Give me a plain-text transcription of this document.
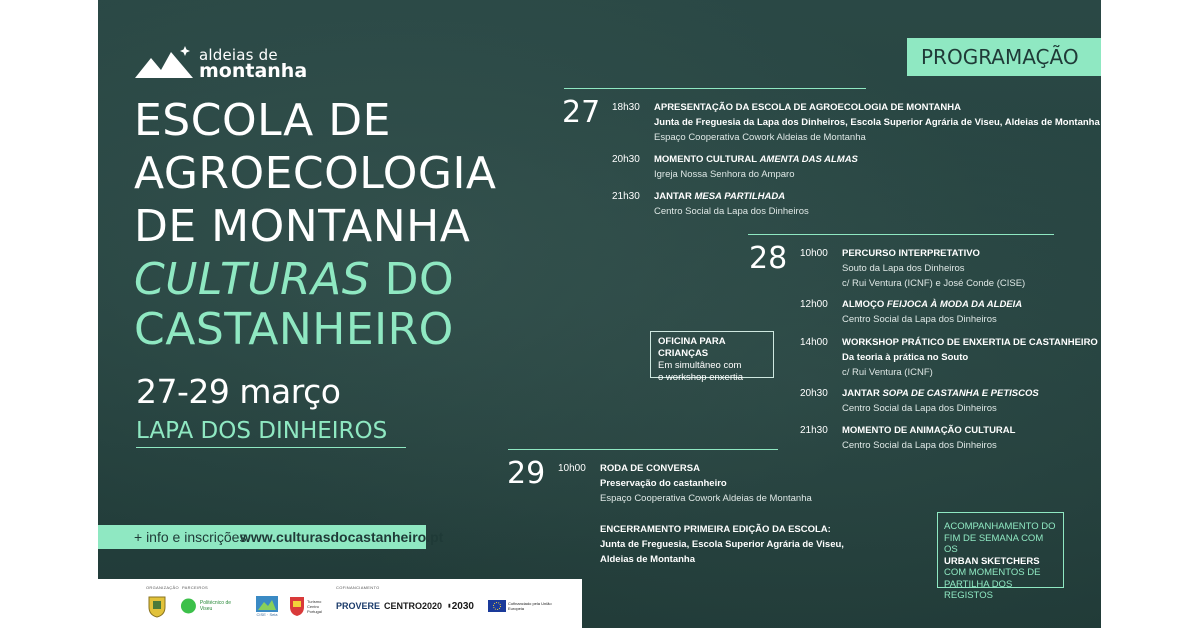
aldeias de
montanha
ESCOLA DE
AGROECOLOGIA
DE MONTANHA
CULTURAS DO
CASTANHEIRO
27-29 março
LAPA DOS DINHEIROS
+ info e inscrições
www.culturasdocastanheiro.pt
ORGANIZAÇÃO PARCEIROS	COFINANCIAMENTO
Politécnico de Viseu
CISE · Seia
Turismo Centro Portugal	PROVERE CENTRO2020 ▮ 2030	Cofinanciado pela União Europeia
PROGRAMAÇÃO
27 18h30 APRESENTAÇÃO DA ESCOLA DE AGROECOLOGIA DE MONTANHA
Junta de Freguesia da Lapa dos Dinheiros, Escola Superior Agrária de Viseu, Aldeias de Montanha
Espaço Cooperativa Cowork Aldeias de Montanha
20h30 MOMENTO CULTURAL AMENTA DAS ALMAS
Igreja Nossa Senhora do Amparo
21h30 JANTAR MESA PARTILHADA
Centro Social da Lapa dos Dinheiros
28 10h00 PERCURSO INTERPRETATIVO
Souto da Lapa dos Dinheiros
c/ Rui Ventura (ICNF) e José Conde (CISE)
12h00 ALMOÇO FEIJOCA À MODA DA ALDEIA
Centro Social da Lapa dos Dinheiros
14h00 WORKSHOP PRÁTICO DE ENXERTIA DE CASTANHEIRO
Da teoria à prática no Souto
c/ Rui Ventura (ICNF)
20h30 JANTAR SOPA DE CASTANHA E PETISCOS
Centro Social da Lapa dos Dinheiros
21h30 MOMENTO DE ANIMAÇÃO CULTURAL
Centro Social da Lapa dos Dinheiros
OFICINA PARA CRIANÇAS
Em simultâneo com
o workshop enxertia
29 10h00 RODA DE CONVERSA
Preservação do castanheiro
Espaço Cooperativa Cowork Aldeias de Montanha
ENCERRAMENTO PRIMEIRA EDIÇÃO DA ESCOLA:
Junta de Freguesia, Escola Superior Agrária de Viseu,
Aldeias de Montanha
ACOMPANHAMENTO DO
FIM DE SEMANA COM OS
URBAN SKETCHERS
COM MOMENTOS DE
PARTILHA DOS REGISTOS
